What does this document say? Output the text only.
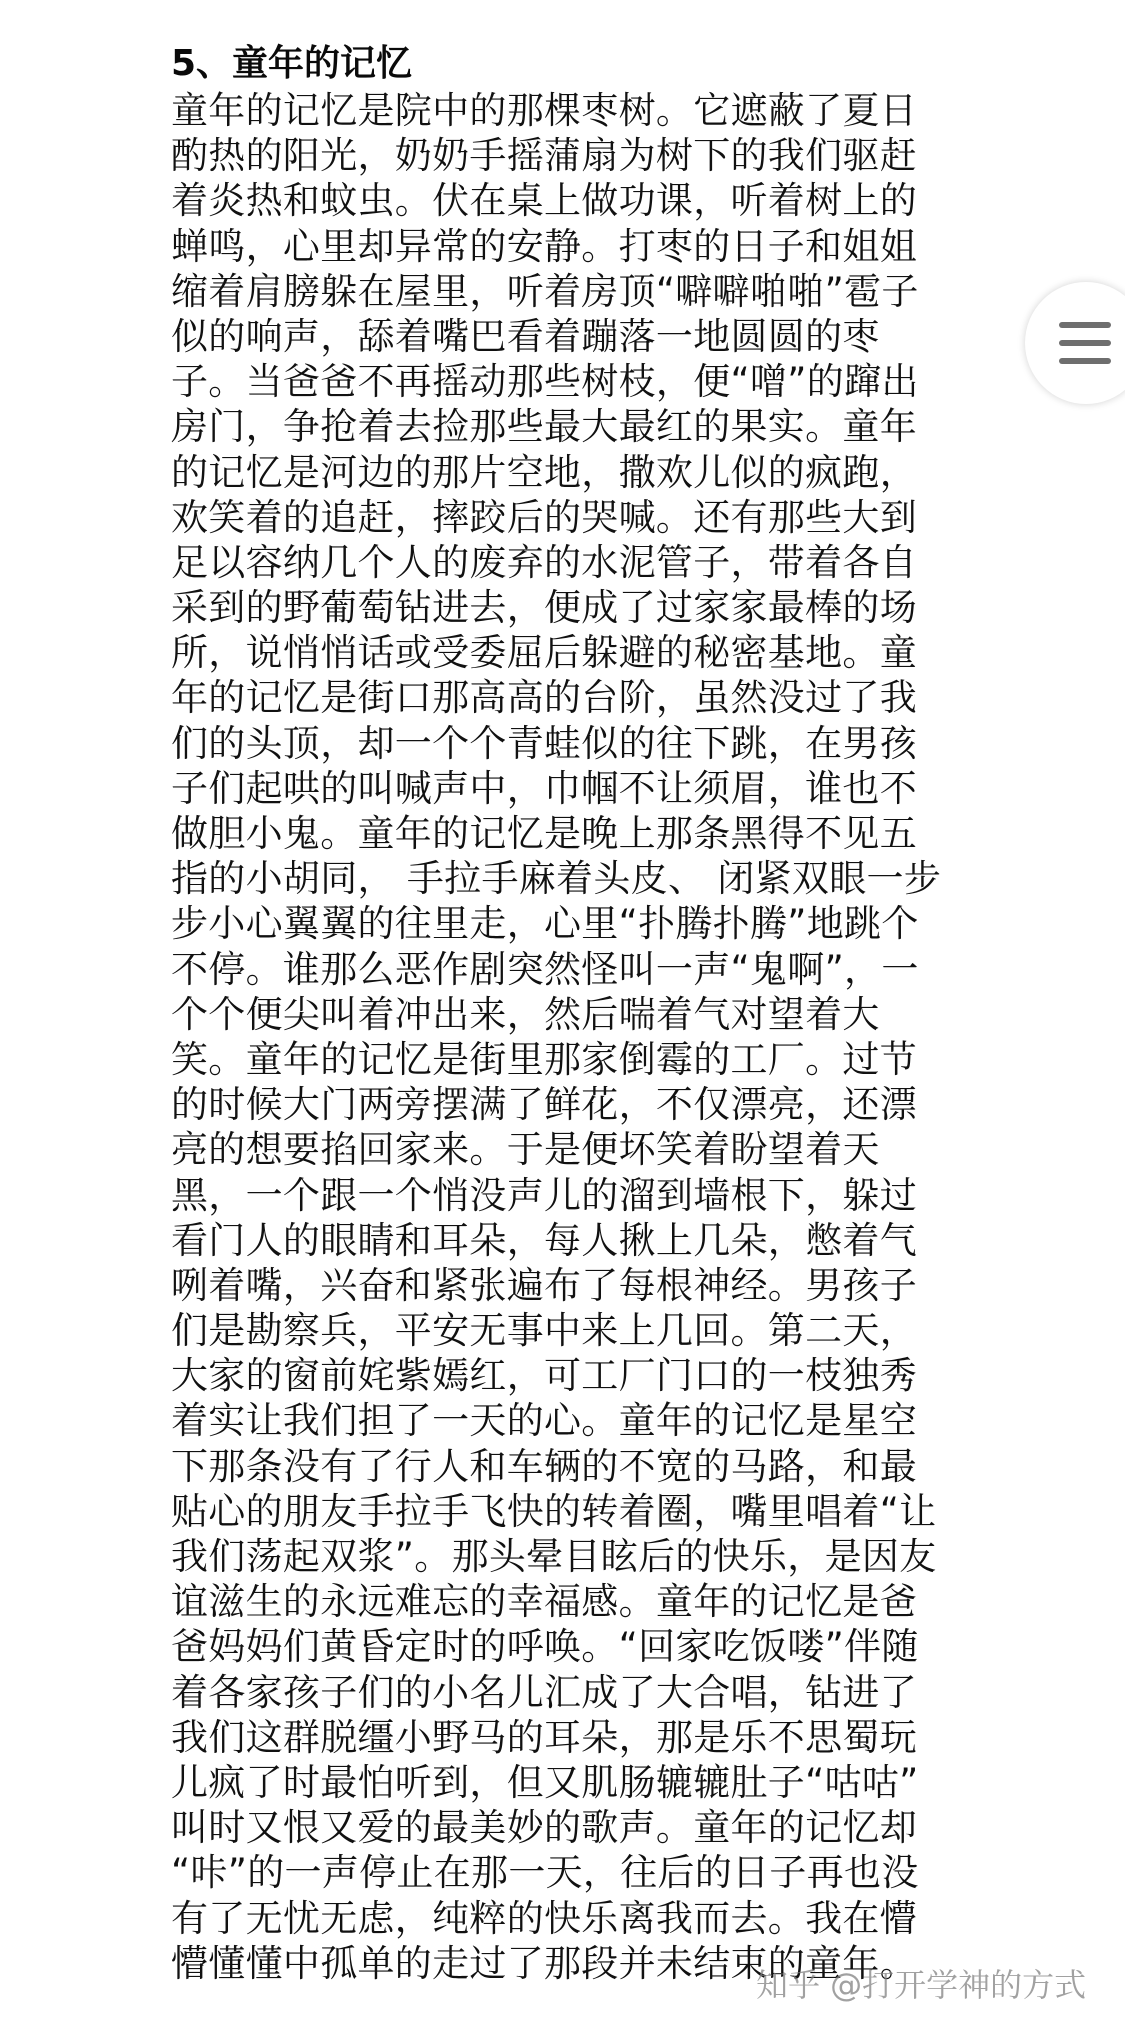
5、童年的记忆
童年的记忆是院中的那棵枣树。它遮蔽了夏日
酌热的阳光，奶奶手摇蒲扇为树下的我们驱赶
着炎热和蚊虫。伏在桌上做功课，听着树上的
蝉鸣，心里却异常的安静。打枣的日子和姐姐
缩着肩膀躲在屋里，听着房顶“噼噼啪啪”雹子
似的响声，舔着嘴巴看着蹦落一地圆圆的枣
子。当爸爸不再摇动那些树枝，便“噌”的蹿出
房门，争抢着去捡那些最大最红的果实。童年
的记忆是河边的那片空地，撒欢儿似的疯跑，
欢笑着的追赶，摔跤后的哭喊。还有那些大到
足以容纳几个人的废弃的水泥管子，带着各自
采到的野葡萄钻进去，便成了过家家最棒的场
所，说悄悄话或受委屈后躲避的秘密基地。童
年的记忆是街口那高高的台阶，虽然没过了我
们的头顶，却一个个青蛙似的往下跳，在男孩
子们起哄的叫喊声中，巾帼不让须眉，谁也不
做胆小鬼。童年的记忆是晚上那条黑得不见五
指的小胡同， 手拉手麻着头皮、 闭紧双眼一步
步小心翼翼的往里走，心里“扑腾扑腾”地跳个
不停。谁那么恶作剧突然怪叫一声“鬼啊”，一
个个便尖叫着冲出来，然后喘着气对望着大
笑。童年的记忆是街里那家倒霉的工厂。过节
的时候大门两旁摆满了鲜花，不仅漂亮，还漂
亮的想要掐回家来。于是便坏笑着盼望着天
黑，一个跟一个悄没声儿的溜到墙根下，躲过
看门人的眼睛和耳朵，每人揪上几朵，憋着气
咧着嘴，兴奋和紧张遍布了每根神经。男孩子
们是勘察兵，平安无事中来上几回。第二天，
大家的窗前姹紫嫣红，可工厂门口的一枝独秀
着实让我们担了一天的心。童年的记忆是星空
下那条没有了行人和车辆的不宽的马路，和最
贴心的朋友手拉手飞快的转着圈，嘴里唱着“让
我们荡起双浆”。那头晕目眩后的快乐，是因友
谊滋生的永远难忘的幸福感。童年的记忆是爸
爸妈妈们黄昏定时的呼唤。“回家吃饭喽”伴随
着各家孩子们的小名儿汇成了大合唱，钻进了
我们这群脱缰小野马的耳朵，那是乐不思蜀玩
儿疯了时最怕听到，但又肌肠辘辘肚子“咕咕”
叫时又恨又爱的最美妙的歌声。童年的记忆却
“咔”的一声停止在那一天，往后的日子再也没
有了无忧无虑，纯粹的快乐离我而去。我在懵
懵懂懂中孤单的走过了那段并未结束的童年。
知乎 @打开学神的方式
